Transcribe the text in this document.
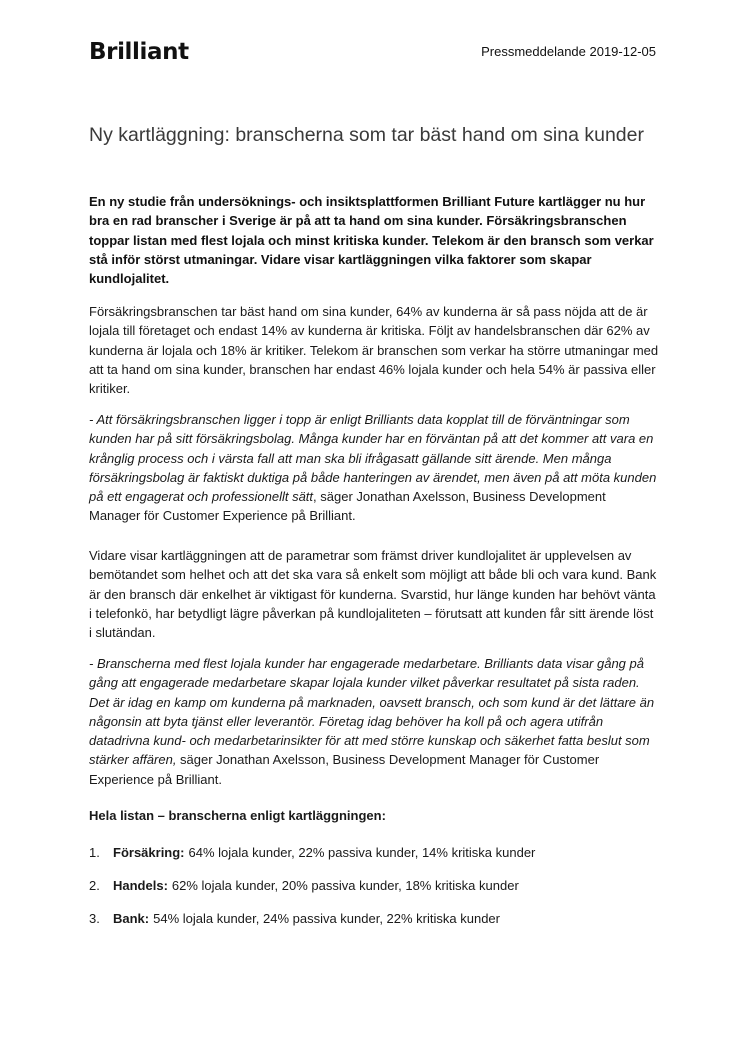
Brilliant	Pressmeddelande 2019-12-05
Ny kartläggning: branscherna som tar bäst hand om sina kunder

En ny studie från undersöknings- och insiktsplattformen Brilliant Future kartlägger nu hur bra en rad branscher i Sverige är på att ta hand om sina kunder. Försäkringsbranschen toppar listan med flest lojala och minst kritiska kunder. Telekom är den bransch som verkar stå inför störst utmaningar. Vidare visar kartläggningen vilka faktorer som skapar kundlojalitet.

Försäkringsbranschen tar bäst hand om sina kunder, 64% av kunderna är så pass nöjda att de är lojala till företaget och endast 14% av kunderna är kritiska. Följt av handelsbranschen där 62% av kunderna är lojala och 18% är kritiker. Telekom är branschen som verkar ha större utmaningar med att ta hand om sina kunder, branschen har endast 46% lojala kunder och hela 54% är passiva eller kritiker.

- Att försäkringsbranschen ligger i topp är enligt Brilliants data kopplat till de förväntningar som kunden har på sitt försäkringsbolag. Många kunder har en förväntan på att det kommer att vara en krånglig process och i värsta fall att man ska bli ifrågasatt gällande sitt ärende. Men många försäkringsbolag är faktiskt duktiga på både hanteringen av ärendet, men även på att möta kunden på ett engagerat och professionellt sätt, säger Jonathan Axelsson, Business Development Manager för Customer Experience på Brilliant.

Vidare visar kartläggningen att de parametrar som främst driver kundlojalitet är upplevelsen av bemötandet som helhet och att det ska vara så enkelt som möjligt att både bli och vara kund. Bank är den bransch där enkelhet är viktigast för kunderna. Svarstid, hur länge kunden har behövt vänta i telefonkö, har betydligt lägre påverkan på kundlojaliteten – förutsatt att kunden får sitt ärende löst i slutändan.

- Branscherna med flest lojala kunder har engagerade medarbetare. Brilliants data visar gång på gång att engagerade medarbetare skapar lojala kunder vilket påverkar resultatet på sista raden. Det är idag en kamp om kunderna på marknaden, oavsett bransch, och som kund är det lättare än någonsin att byta tjänst eller leverantör. Företag idag behöver ha koll på och agera utifrån datadrivna kund- och medarbetarinsikter för att med större kunskap och säkerhet fatta beslut som stärker affären, säger Jonathan Axelsson, Business Development Manager för Customer Experience på Brilliant.

Hela listan – branscherna enligt kartläggningen:

1.	Försäkring: 64% lojala kunder, 22% passiva kunder, 14% kritiska kunder
2.	Handels: 62% lojala kunder, 20% passiva kunder, 18% kritiska kunder
3.	Bank: 54% lojala kunder, 24% passiva kunder, 22% kritiska kunder
